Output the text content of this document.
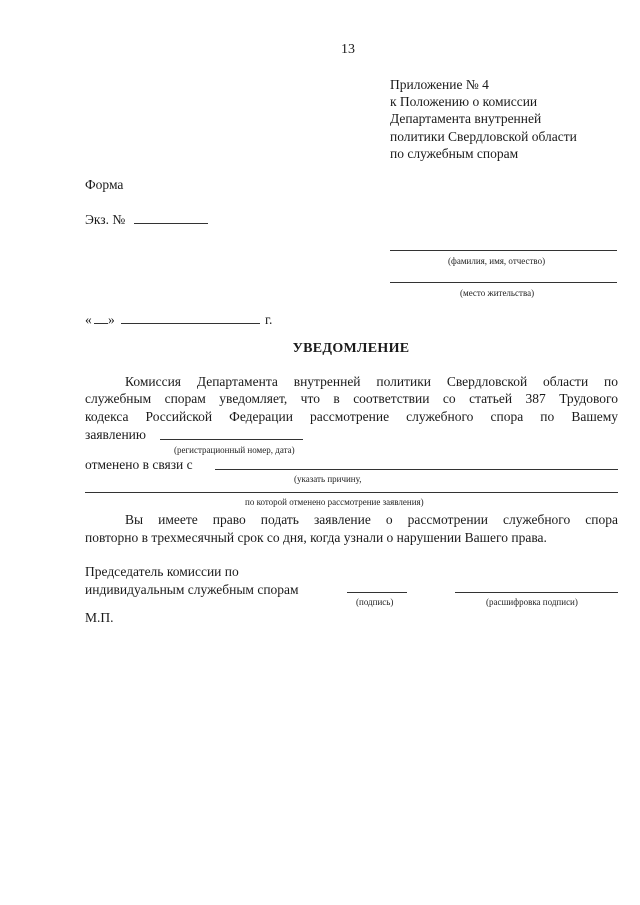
13
Приложение № 4
к Положению о комиссии
Департамента внутренней
политики Свердловской области
по служебным спорам
Форма
Экз. №
(фамилия, имя, отчество)
(место жительства)
« »	г.
УВЕДОМЛЕНИЕ
Комиссия Департамента внутренней политики Свердловской области по
служебным спорам уведомляет, что в соответствии со статьей 387 Трудового
кодекса Российской Федерации рассмотрение служебного спора по Вашему
заявлению
(регистрационный номер, дата)
отменено в связи с
(указать причину,
по которой отменено рассмотрение заявления)
Вы имеете право подать заявление о рассмотрении служебного спора
повторно в трехмесячный срок со дня, когда узнали о нарушении Вашего права.
Председатель комиссии по
индивидуальным служебным спорам
(подпись)	(расшифровка подписи)
М.П.
